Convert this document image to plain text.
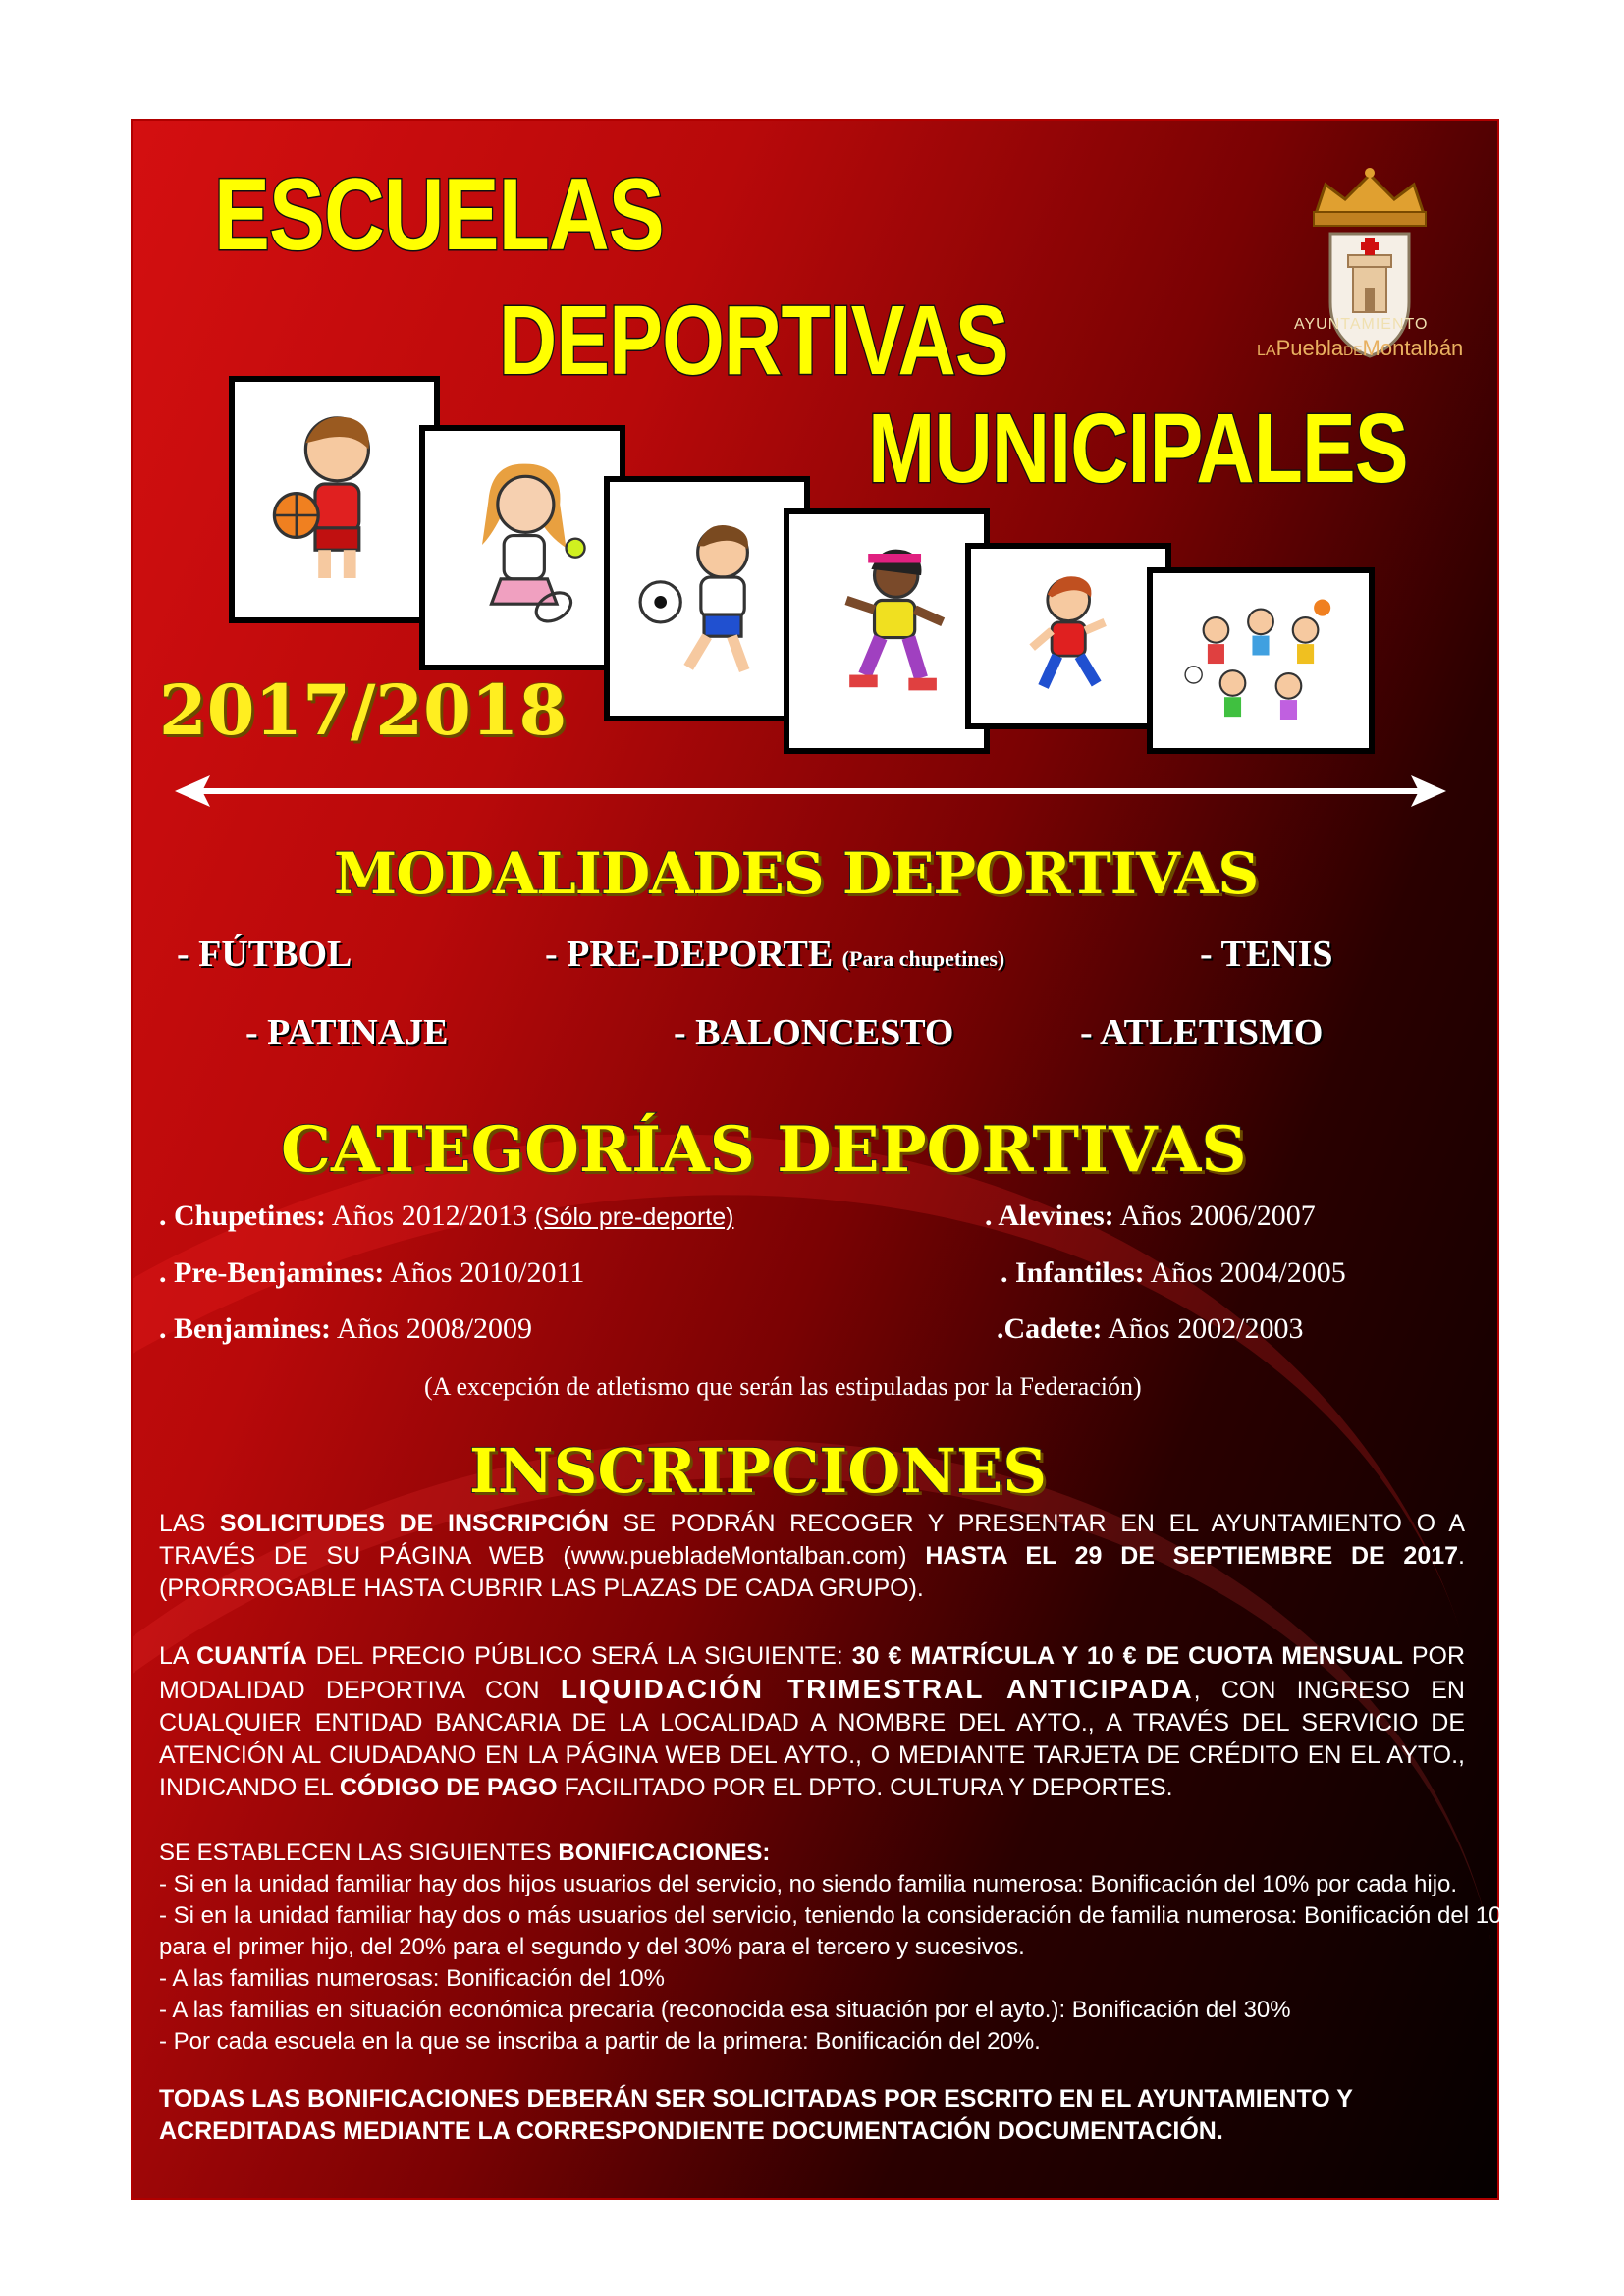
ESCUELAS
DEPORTIVAS
MUNICIPALES
AYUNTAMIENTO
LAPueblaDEMontalbán
2017/2018
MODALIDADES DEPORTIVAS
- FÚTBOL	- PRE-DEPORTE (Para chupetines)	- TENIS
- PATINAJE	- BALONCESTO	- ATLETISMO
CATEGORÍAS DEPORTIVAS
. Chupetines: Años 2012/2013 (Sólo pre-deporte)
. Pre-Benjamines: Años 2010/2011
. Benjamines: Años 2008/2009
. Alevines: Años 2006/2007
. Infantiles: Años 2004/2005
.Cadete: Años 2002/2003
(A excepción de atletismo que serán las estipuladas por la Federación)
INSCRIPCIONES
LAS SOLICITUDES DE INSCRIPCIÓN SE PODRÁN RECOGER Y PRESENTAR EN EL AYUNTAMIENTO O A TRAVÉS DE SU PÁGINA WEB (www.puebladeMontalban.com) HASTA EL 29 DE SEPTIEMBRE DE 2017. (PRORROGABLE HASTA CUBRIR LAS PLAZAS DE CADA GRUPO).
LA CUANTÍA DEL PRECIO PÚBLICO SERÁ LA SIGUIENTE: 30 € MATRÍCULA Y 10 € DE CUOTA MENSUAL POR MODALIDAD DEPORTIVA CON LIQUIDACIÓN TRIMESTRAL ANTICIPADA, CON INGRESO EN CUALQUIER ENTIDAD BANCARIA DE LA LOCALIDAD A NOMBRE DEL AYTO., A TRAVÉS DEL SERVICIO DE ATENCIÓN AL CIUDADANO EN LA PÁGINA WEB DEL AYTO., O MEDIANTE TARJETA DE CRÉDITO EN EL AYTO., INDICANDO EL CÓDIGO DE PAGO FACILITADO POR EL DPTO. CULTURA Y DEPORTES.
SE ESTABLECEN LAS SIGUIENTES BONIFICACIONES:
- Si en la unidad familiar hay dos hijos usuarios del servicio, no siendo familia numerosa: Bonificación del 10% por cada hijo.
- Si en la unidad familiar hay dos o más usuarios del servicio, teniendo la consideración de familia numerosa: Bonificación del 10%
para el primer hijo, del 20% para el segundo y del 30% para el tercero y sucesivos.
- A las familias numerosas: Bonificación del 10%
- A las familias en situación económica precaria (reconocida esa situación por el ayto.): Bonificación del 30%
- Por cada escuela en la que se inscriba a partir de la primera: Bonificación del 20%.
TODAS LAS BONIFICACIONES DEBERÁN SER SOLICITADAS POR ESCRITO EN EL AYUNTAMIENTO Y ACREDITADAS MEDIANTE LA CORRESPONDIENTE DOCUMENTACIÓN DOCUMENTACIÓN.
